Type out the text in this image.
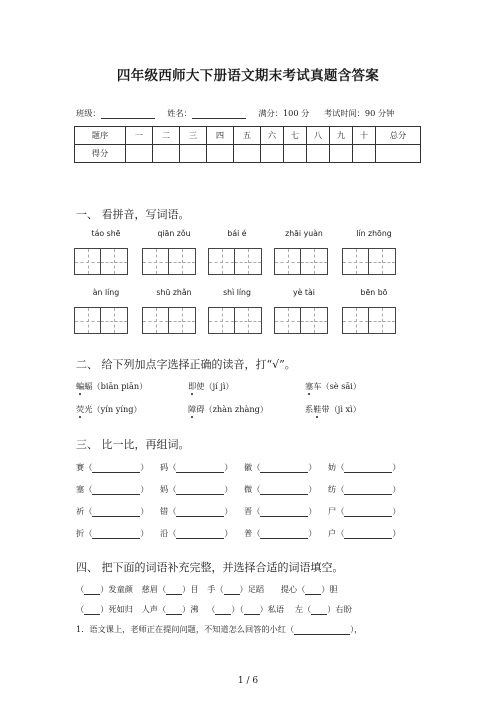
四年级西师大下册语文期末考试真题含答案
班级：	姓名：	满分：100 分 考试时间：90 分钟
题序	一	二	三	四	五	六	七	八	九	十	总分
得分											
一、 看拼音，写词语。
táo shē	qiān zǒu	bái é	zhāi yuàn	lín zhōng
àn líng	shū zhǎn	shì líng	yè tài	bēn bō
二、 给下列加点字选择正确的读音，打“√”。
蝙蝠（biān piān）	即使（jí jì）	塞车（sè sāi）
荧光（yín yíng）	障碍（zhàn zhàng）	系鞋带（jì xì）
三、 比一比，再组词。
赛（	） 码（	） 徽（	） 妨（	）
塞（	） 妈（	） 微（	） 纺（	）
祈（	） 错（	） 晋（	） 尸（	）
折（	） 沿（	） 普（	） 户（	）
四、 把下面的词语补充完整，并选择合适的词语填空。
（ ）发童颜 慈眉（ ）目 手（ ）足蹈 提心（ ）胆
（ ）死如归 人声（ ）沸 （ ）（ ）私语 左（ ）右盼
1．语文课上，老师正在提问问题，不知道怎么回答的小红（	），
1 / 6
